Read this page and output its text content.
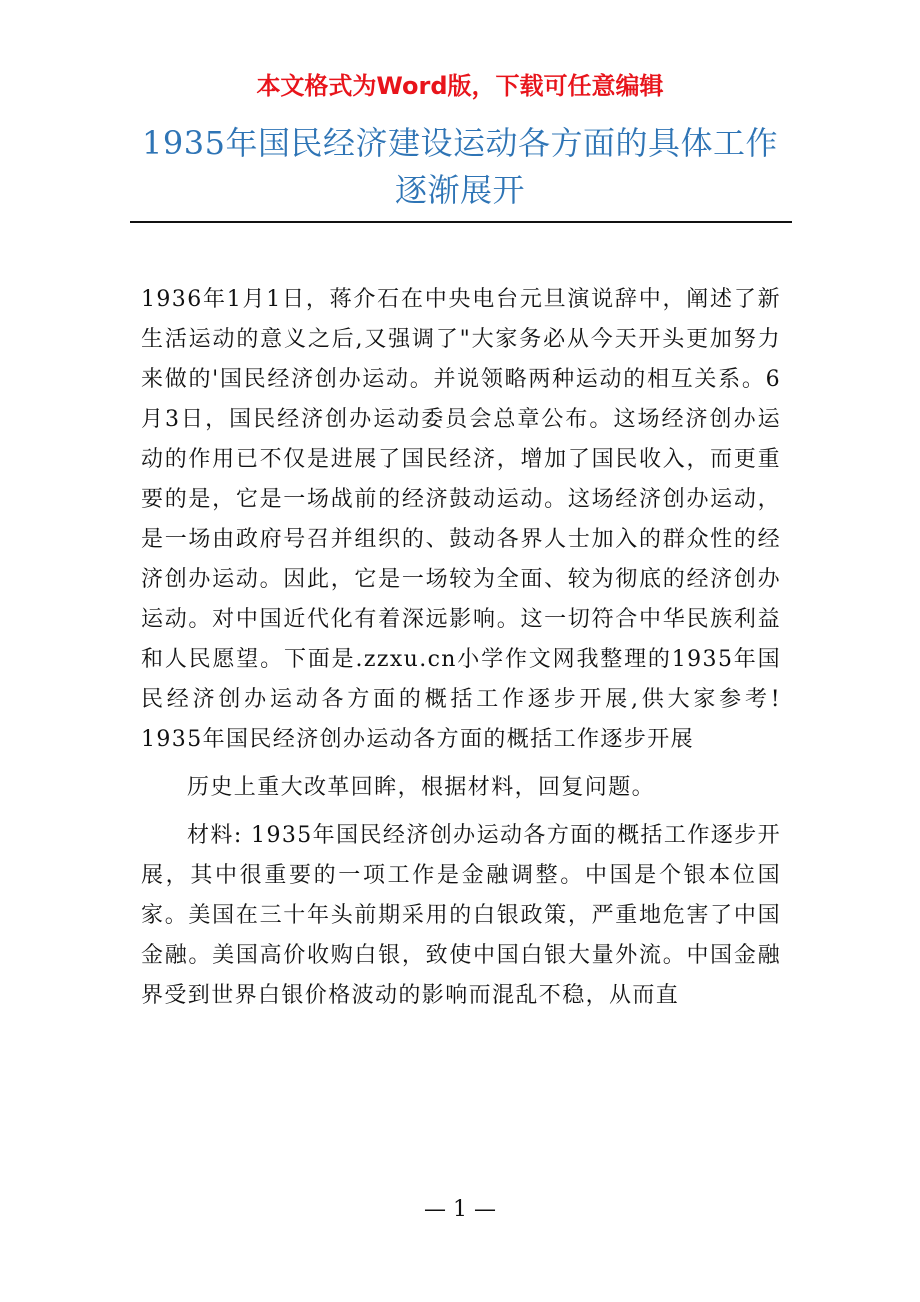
本文格式为Word版，下载可任意编辑
1935年国民经济建设运动各方面的具体工作逐渐展开

1936年1月1日，蒋介石在中央电台元旦演说辞中，阐述了新生活运动的意义之后,又强调了"大家务必从今天开头更加努力来做的'国民经济创办运动。并说领略两种运动的相互关系。6月3日，国民经济创办运动委员会总章公布。这场经济创办运动的作用已不仅是进展了国民经济，增加了国民收入，而更重要的是，它是一场战前的经济鼓动运动。这场经济创办运动，是一场由政府号召并组织的、鼓动各界人士加入的群众性的经济创办运动。因此，它是一场较为全面、较为彻底的经济创办运动。对中国近代化有着深远影响。这一切符合中华民族利益和人民愿望。下面是.zzxu.cn小学作文网我整理的1935年国民经济创办运动各方面的概括工作逐步开展,供大家参考!　　1935年国民经济创办运动各方面的概括工作逐步开展

历史上重大改革回眸，根据材料，回复问题。

材料: 1935年国民经济创办运动各方面的概括工作逐步开展，其中很重要的一项工作是金融调整。中国是个银本位国家。美国在三十年头前期采用的白银政策，严重地危害了中国金融。美国高价收购白银，致使中国白银大量外流。中国金融界受到世界白银价格波动的影响而混乱不稳，从而直

— 1 —
